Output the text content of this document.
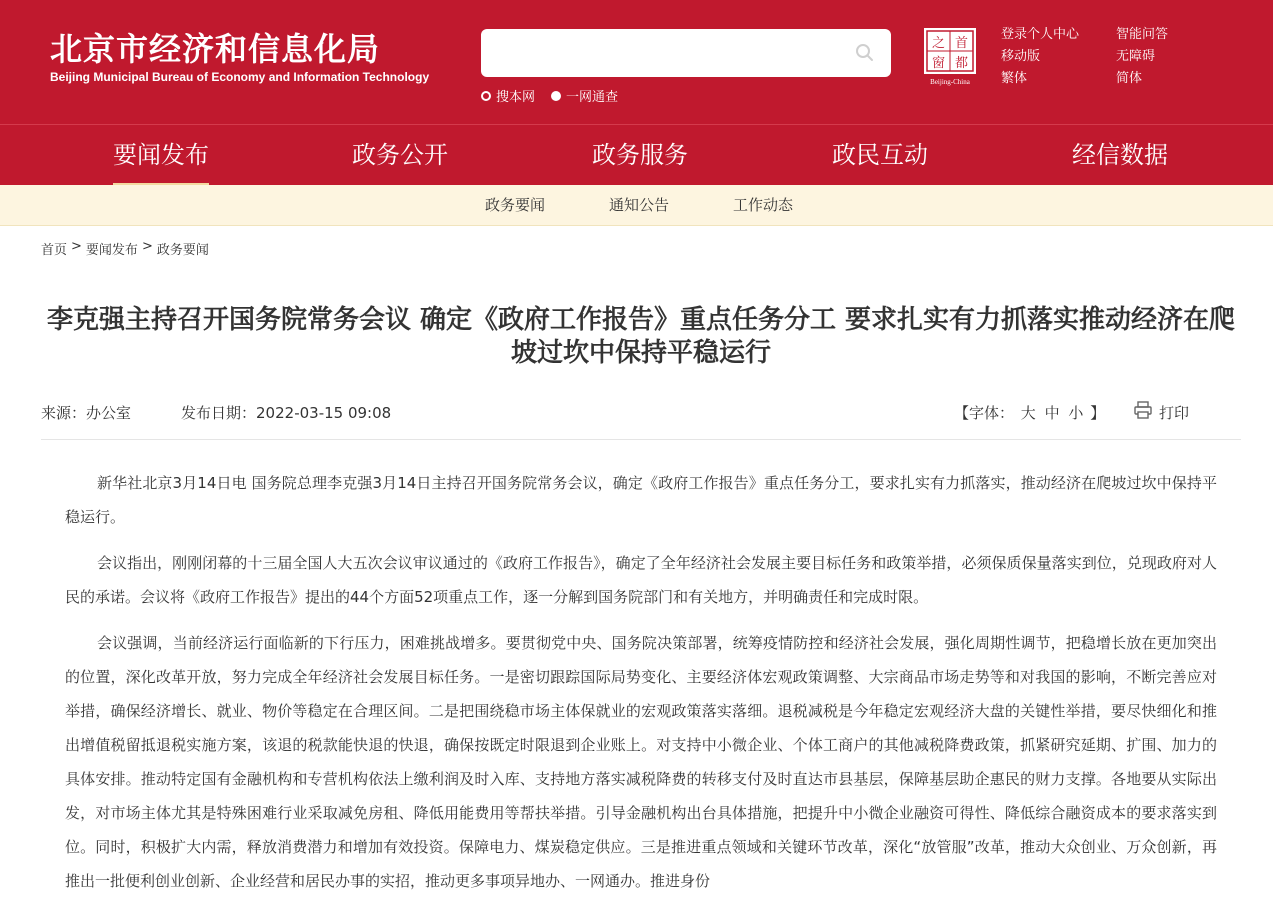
北京市经济和信息化局
Beijing Municipal Bureau of Economy and Information Technology
搜本网 一网通查
之 首
窗 都
Beijing-China
登录个人中心	智能问答
移动版	无障碍
繁体	简体
要闻发布	政务公开	政务服务	政民互动	经信数据
政务要闻	通知公告	工作动态
首页 > 要闻发布 > 政务要闻
李克强主持召开国务院常务会议 确定《政府工作报告》重点任务分工 要求扎实有力抓落实推动经济在爬坡过坎中保持平稳运行
来源：办公室	发布日期：2022-03-15 09:08	【字体： 大 中 小 】	打印

新华社北京3月14日电 国务院总理李克强3月14日主持召开国务院常务会议，确定《政府工作报告》重点任务分工，要求扎实有力抓落实，推动经济在爬坡过坎中保持平稳运行。

会议指出，刚刚闭幕的十三届全国人大五次会议审议通过的《政府工作报告》，确定了全年经济社会发展主要目标任务和政策举措，必须保质保量落实到位，兑现政府对人民的承诺。会议将《政府工作报告》提出的44个方面52项重点工作，逐一分解到国务院部门和有关地方，并明确责任和完成时限。

会议强调，当前经济运行面临新的下行压力，困难挑战增多。要贯彻党中央、国务院决策部署，统筹疫情防控和经济社会发展，强化周期性调节，把稳增长放在更加突出的位置，深化改革开放，努力完成全年经济社会发展目标任务。一是密切跟踪国际局势变化、主要经济体宏观政策调整、大宗商品市场走势等和对我国的影响，不断完善应对举措，确保经济增长、就业、物价等稳定在合理区间。二是把围绕稳市场主体保就业的宏观政策落实落细。退税减税是今年稳定宏观经济大盘的关键性举措，要尽快细化和推出增值税留抵退税实施方案，该退的税款能快退的快退，确保按既定时限退到企业账上。对支持中小微企业、个体工商户的其他减税降费政策，抓紧研究延期、扩围、加力的具体安排。推动特定国有金融机构和专营机构依法上缴利润及时入库、支持地方落实减税降费的转移支付及时直达市县基层，保障基层助企惠民的财力支撑。各地要从实际出发，对市场主体尤其是特殊困难行业采取减免房租、降低用能费用等帮扶举措。引导金融机构出台具体措施，把提升中小微企业融资可得性、降低综合融资成本的要求落实到位。同时，积极扩大内需，释放消费潜力和增加有效投资。保障电力、煤炭稳定供应。三是推进重点领域和关键环节改革，深化“放管服”改革，推动大众创业、万众创新，再推出一批便利创业创新、企业经营和居民办事的实招，推动更多事项异地办、一网通办。推进身份
